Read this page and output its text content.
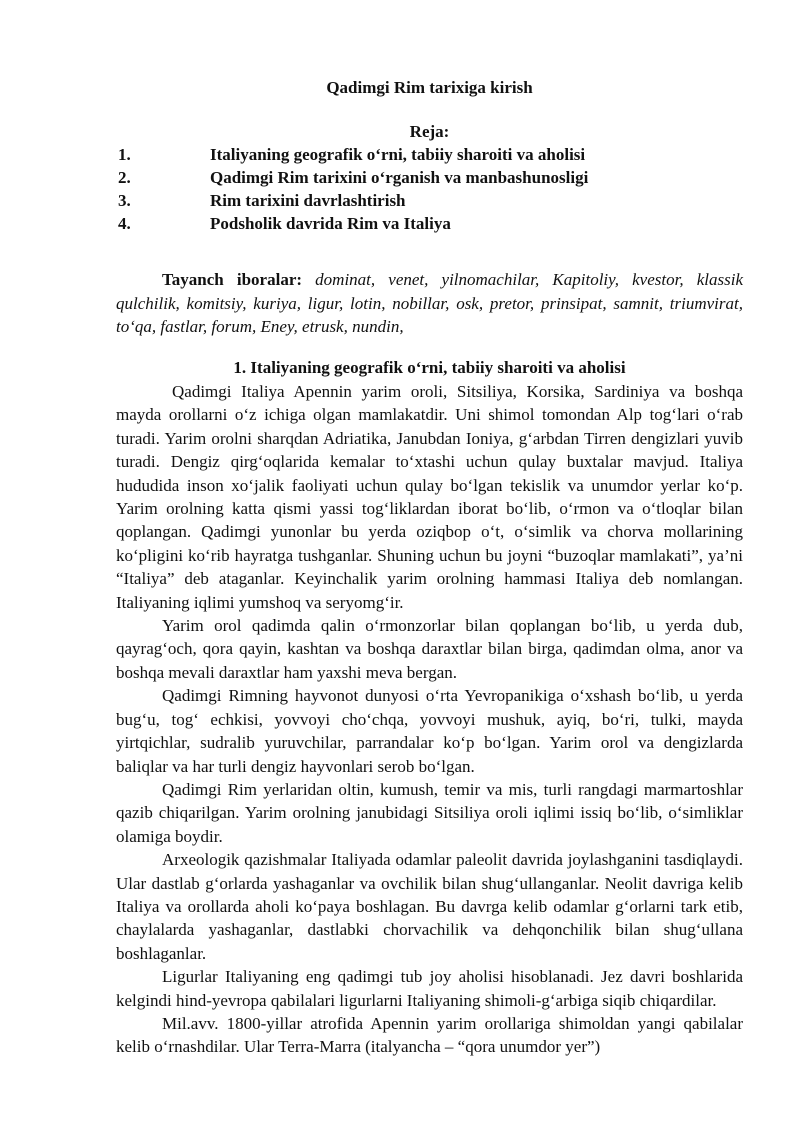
Qadimgi Rim tarixiga kirish
Reja:
1.	Italiyaning geografik o‘rni, tabiiy sharoiti va aholisi
2.	Qadimgi Rim tarixini o‘rganish va manbashunosligi
3.	Rim tarixini davrlashtirish
4.	Podsholik davrida Rim va Italiya

Tayanch iboralar: dominat, venet, yilnomachilar, Kapitoliy, kvestor, klassik qulchilik, komitsiy, kuriya, ligur, lotin, nobillar, osk, pretor, prinsipat, samnit, triumvirat, to‘qa, fastlar, forum, Eney, etrusk, nundin,

1. Italiyaning geografik o‘rni, tabiiy sharoiti va aholisi

Qadimgi Italiya Apennin yarim oroli, Sitsiliya, Korsika, Sardiniya va boshqa mayda orollarni o‘z ichiga olgan mamlakatdir. Uni shimol tomondan Alp tog‘lari o‘rab turadi. Yarim orolni sharqdan Adriatika, Janubdan Ioniya, g‘arbdan Tirren dengizlari yuvib turadi. Dengiz qirg‘oqlarida kemalar to‘xtashi uchun qulay buxtalar mavjud. Italiya hududida inson xo‘jalik faoliyati uchun qulay bo‘lgan tekislik va unumdor yerlar ko‘p. Yarim orolning katta qismi yassi tog‘liklardan iborat bo‘lib, o‘rmon va o‘tloqlar bilan qoplangan. Qadimgi yunonlar bu yerda oziqbop o‘t, o‘simlik va chorva mollarining ko‘pligini ko‘rib hayratga tushganlar. Shuning uchun bu joyni “buzoqlar mamlakati”, ya’ni “Italiya” deb ataganlar. Keyinchalik yarim orolning hammasi Italiya deb nomlangan. Italiyaning iqlimi yumshoq va seryomg‘ir.

Yarim orol qadimda qalin o‘rmonzorlar bilan qoplangan bo‘lib, u yerda dub, qayrag‘och, qora qayin, kashtan va boshqa daraxtlar bilan birga, qadimdan olma, anor va boshqa mevali daraxtlar ham yaxshi meva bergan.

Qadimgi Rimning hayvonot dunyosi o‘rta Yevropanikiga o‘xshash bo‘lib, u yerda bug‘u, tog‘ echkisi, yovvoyi cho‘chqa, yovvoyi mushuk, ayiq, bo‘ri, tulki, mayda yirtqichlar, sudralib yuruvchilar, parrandalar ko‘p bo‘lgan. Yarim orol va dengizlarda baliqlar va har turli dengiz hayvonlari serob bo‘lgan.

Qadimgi Rim yerlaridan oltin, kumush, temir va mis, turli rangdagi marmartoshlar qazib chiqarilgan. Yarim orolning janubidagi Sitsiliya oroli iqlimi issiq bo‘lib, o‘simliklar olamiga boydir.

Arxeologik qazishmalar Italiyada odamlar paleolit davrida joylashganini tasdiqlaydi. Ular dastlab g‘orlarda yashaganlar va ovchilik bilan shug‘ullanganlar. Neolit davriga kelib Italiya va orollarda aholi ko‘paya boshlagan. Bu davrga kelib odamlar g‘orlarni tark etib, chaylalarda yashaganlar, dastlabki chorvachilik va dehqonchilik bilan shug‘ullana boshlaganlar.

Ligurlar Italiyaning eng qadimgi tub joy aholisi hisoblanadi. Jez davri boshlarida kelgindi hind-yevropa qabilalari ligurlarni Italiyaning shimoli-g‘arbiga siqib chiqardilar.

Mil.avv. 1800-yillar atrofida Apennin yarim orollariga shimoldan yangi qabilalar kelib o‘rnashdilar. Ular Terra-Marra (italyancha – “qora unumdor yer”)
